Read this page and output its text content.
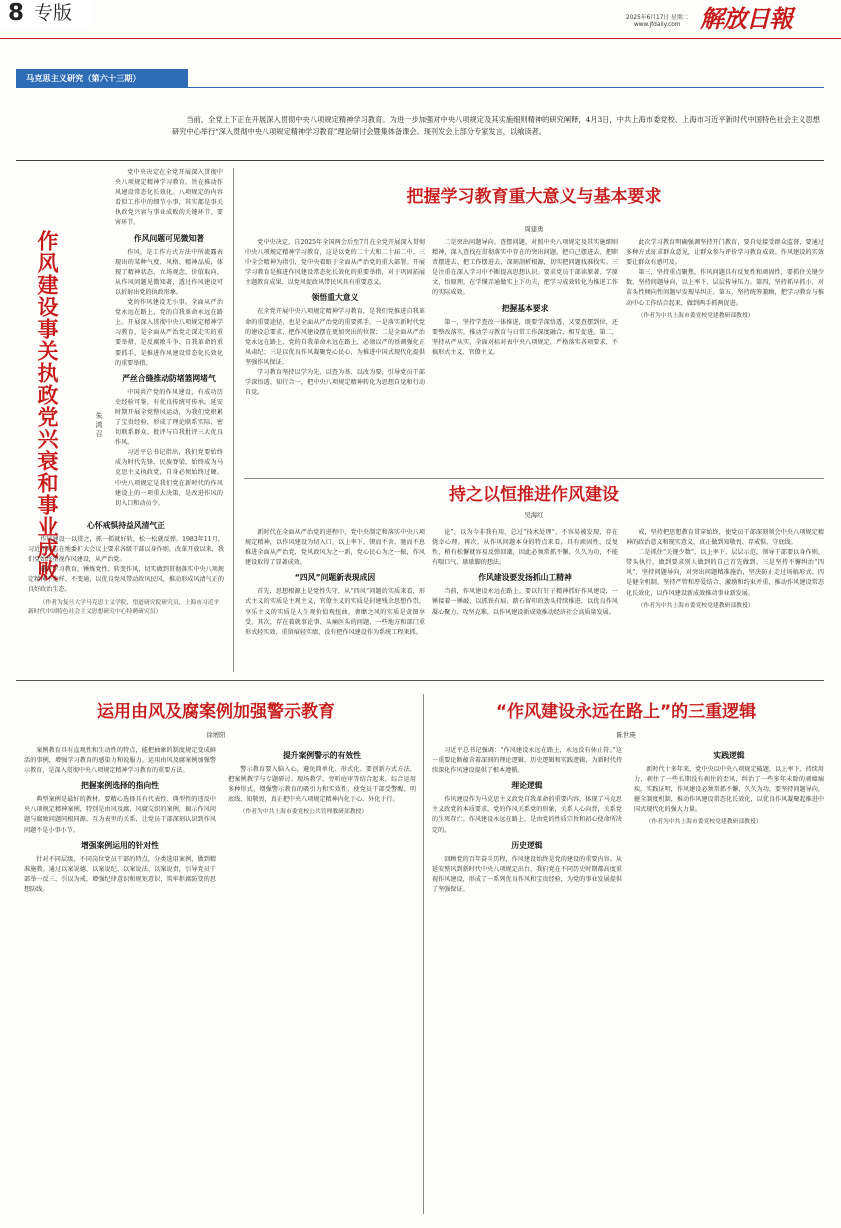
8 专版	2025年6月17日 星期二
www.jfdaily.com 解放日報
马克思主义研究（第六十三期）
当前，全党上下正在开展深入贯彻中央八项规定精神学习教育。为进一步加强对中央八项规定及其实施细则精神的研究阐释，4月3日，中共上海市委党校、上海市习近平新时代中国特色社会主义思想研究中心举行“深入贯彻中央八项规定精神学习教育”理论研讨会暨集体备课会。现刊发会上部分专家发言，以飨读者。
作风建设事关执政党兴衰和事业成败	朱鸿召

党中央决定在全党开展深入贯彻中央八项规定精神学习教育，旨在推动作风建设常态化长效化。八项规定的内容看似工作中的细节小事，其实都是事关执政党兴衰与事业成败的关键环节、要害环节。

作风问题可见微知著

作风，是工作方式方法中所流露表现出的某种气度、风格、精神品质，体现了精神状态、立场观念、价值取向，从作风问题见微知著，透过作风建设可以折射出党的执政形象。

党的作风建设无小事。全面从严治党永远在路上，党的自我革命永远在路上。开展深入贯彻中央八项规定精神学习教育，是全面从严治党走深走实的重要举措，是反腐败斗争、自我革命的重要抓手，是推进作风建设常态化长效化的重要举措。

严丝合缝推动防堵篮网堵气

中国共产党的作风建设，有成功历史经验可鉴，有优良传统可传承。延安时期开展全党整风运动，为我们党积累了宝贵经验，形成了理论联系实际、密切联系群众、批评与自我批评三大优良作风。

习近平总书记指出，我们党要始终成为时代先锋、民族脊梁，始终成为马克思主义执政党，自身必须始终过硬。中央八项规定是我们党在新时代的作风建设上的一项重大决策，是改进作风的切入口和动员令。

心怀戒惧持益风清气正

作风建设一以贯之，抓一抓就好转，松一松就反弹。1983年11月，习近平同志在地委扩大会议上要求各级干部以身作则。改革开放以来，我们党始终重视作风建设，从严治党。

通过学习教育，锤炼党性、转变作风，切实做到贯彻落实中央八项规定精神不走样、不变通，以优良党风带动政风民风，推动形成风清气正的良好政治生态。

（作者为复旦大学马克思主义学院、望道研究院研究员，上海市习近平新时代中国特色社会主义思想研究中心特聘研究员）
把握学习教育重大意义与基本要求
周建勇

党中央决定，自2025年全国两会后至7月在全党开展深入贯彻中央八项规定精神学习教育，这是以党的二十大和二十届二中、三中全会精神为指引，党中央着眼于全面从严治党的重大部署。开展学习教育是推进作风建设常态化长效化的重要举措，对于巩固拓展主题教育成果、以党风促政风带民风具有重要意义。

领悟重大意义

在全党开展中央八项规定精神学习教育，是我们党推进自我革命的重要途径，也是全面从严治党的重要抓手。一是落实新时代党的建设总要求，把作风建设摆在更加突出的位置；二是全面从严治党永远在路上，党的自我革命永远在路上，必须以严的基调强化正风肃纪；三是以优良作风凝聚党心民心，为推进中国式现代化提供坚强作风保证。

学习教育坚持以学为先、以查为基、以改为要，引导党员干部学深悟透、知行合一，把中央八项规定精神转化为思想自觉和行动自觉。

二是突出问题导向、查摆问题，对照中央八项规定及其实施细则精神，深入查找在贯彻落实中存在的突出问题，把自己摆进去、把职责摆进去、把工作摆进去，深刻剖析根源，切实把问题找准找实。三是注重在深入学习中不断提高思想认识。要求党员干部读原著、学原文、悟原理，在学懂弄通做实上下功夫，把学习成效转化为推进工作的实际成效。

把握基本要求

第一，坚持学查改一体推进，既要学深悟透，又要查摆到位，还要整改落实，推动学习教育与日常工作深度融合、相互促进。第二，坚持从严从实，全面对标对表中央八项规定，严格落实各项要求，不搞形式主义、官僚主义。

此次学习教育明确强调坚持开门教育，要自觉接受群众监督，要通过多种方式征求群众意见，让群众参与评价学习教育成效。作风建设的实效要让群众有感可及。

第三，坚持重点聚焦，作风问题具有反复性和顽固性，要抓住关键少数，坚持问题导向，以上率下、层层传导压力。第四，坚持抓早抓小，对苗头性倾向性问题早发现早纠正。第五，坚持统筹兼顾，把学习教育与推动中心工作结合起来，做到两手抓两促进。

（作者为中共上海市委党校党建教研部教授）
持之以恒推进作风建设
吴海红

新时代在全面从严治党的进程中，党中央制定和落实中央八项规定精神，以作风建设为切入口，以上率下，锲而不舍、驰而不息推进全面从严治党，党风政风为之一新，党心民心为之一振，作风建设取得了显著成效。

“四风”问题新表现成因

首先，思想根源上是党性失守，从“四风”问题的实质来看，形式主义的实质是主观主义，官僚主义的实质是封建残余思想作祟，享乐主义的实质是人生观价值观扭曲，奢靡之风的实质是贪图享受。其次，存在着就事论事、头痛医头的问题，一些地方和部门重形式轻实效、重留痕轻实绩，没有把作风建设作为系统工程来抓。

论”，以为今非我有用，总过“技术处理”、不容易被发现，存在侥幸心理。再次，从作风问题本身的特点来看，具有顽固性、反复性，稍有松懈就容易反弹回潮，因此必须常抓不懈、久久为功，不能有喘口气、歇歇脚的想法。

作风建设要发扬抓山工精神

当前，作风建设永远在路上。要以钉钉子精神抓好作风建设，一锤接着一锤敲，以抓铁有痕、踏石留印的劲头持续推进，以优良作风凝心聚力、攻坚克难，以作风建设新成效推动经济社会高质量发展。

戒，坚持把思想教育贯穿始终，使党员干部深刻领会中央八项规定精神的政治意义和现实意义，真正做到知敬畏、存戒惧、守底线。

二是抓住“关键少数”，以上率下、层层示范，领导干部要以身作则、带头执行，做到要求别人做到的自己首先做到。三是坚持不懈纠治“四风”，坚持问题导向，对突出问题精准施治，坚决防止走过场搞形式。四是健全机制，坚持严管和厚爱结合、激励和约束并重，推动作风建设常态化长效化，以作风建设新成效推动事业新发展。

（作者为中共上海市委党校党建教研部教授）
运用由风及腐案例加强警示教育
徐增阳

案例教育具有直观性和生动性的特点，能把抽象的制度规定变成鲜活的事例，增强学习教育的感染力和说服力。运用由风及腐案例加强警示教育，是深入贯彻中央八项规定精神学习教育的重要方法。

把握案例选择的指向性

典型案例是最好的教材。要精心选择具有代表性、典型性的违反中央八项规定精神案例，特别是由风及腐、风腐交织的案例，揭示作风问题与腐败问题同根同源、互为表里的关系，让党员干部深刻认识到作风问题不是小事小节。

增强案例运用的针对性

针对不同层级、不同岗位党员干部的特点，分类选用案例，做到精准施教。通过以案说德、以案说纪、以案说法、以案说责，引导党员干部举一反三、引以为戒，增强纪律意识和规矩意识，筑牢拒腐防变的思想防线。

提升案例警示的有效性

警示教育要入脑入心，避免简单化、形式化。要创新方式方法，把案例教学与专题研讨、现场教学、旁听庭审等结合起来，综合运用多种形式，增强警示教育的吸引力和实效性，使党员干部受警醒、明底线、知敬畏，真正把中央八项规定精神内化于心、外化于行。

（作者为中共上海市委党校公共管理教研部教授）
“作风建设永远在路上”的三重逻辑
陈世瑛

习近平总书记强调：“作风建设永远在路上，永远没有休止符。”这一重要论断蕴含着深刻的理论逻辑、历史逻辑和实践逻辑，为新时代持续深化作风建设提供了根本遵循。

理论逻辑

作风建设作为马克思主义政党自我革命的重要内容，体现了马克思主义政党的本质要求。党的作风关系党的形象，关系人心向背，关系党的生死存亡。作风建设永远在路上，是由党的性质宗旨和初心使命所决定的。

历史逻辑

回顾党的百年奋斗历程，作风建设始终是党的建设的重要内容。从延安整风到新时代中央八项规定出台，我们党在不同历史时期都高度重视作风建设，形成了一系列优良作风和宝贵经验，为党的事业发展提供了坚强保证。

实践逻辑

新时代十多年来，党中央以中央八项规定破题，以上率下、持续用力，刹住了一些长期没有刹住的歪风，纠治了一些多年未除的顽瘴痼疾。实践证明，作风建设必须常抓不懈、久久为功，要坚持问题导向，健全制度机制，推动作风建设常态化长效化，以优良作风凝聚起推进中国式现代化的强大力量。

（作者为中共上海市委党校党建教研部教授）
